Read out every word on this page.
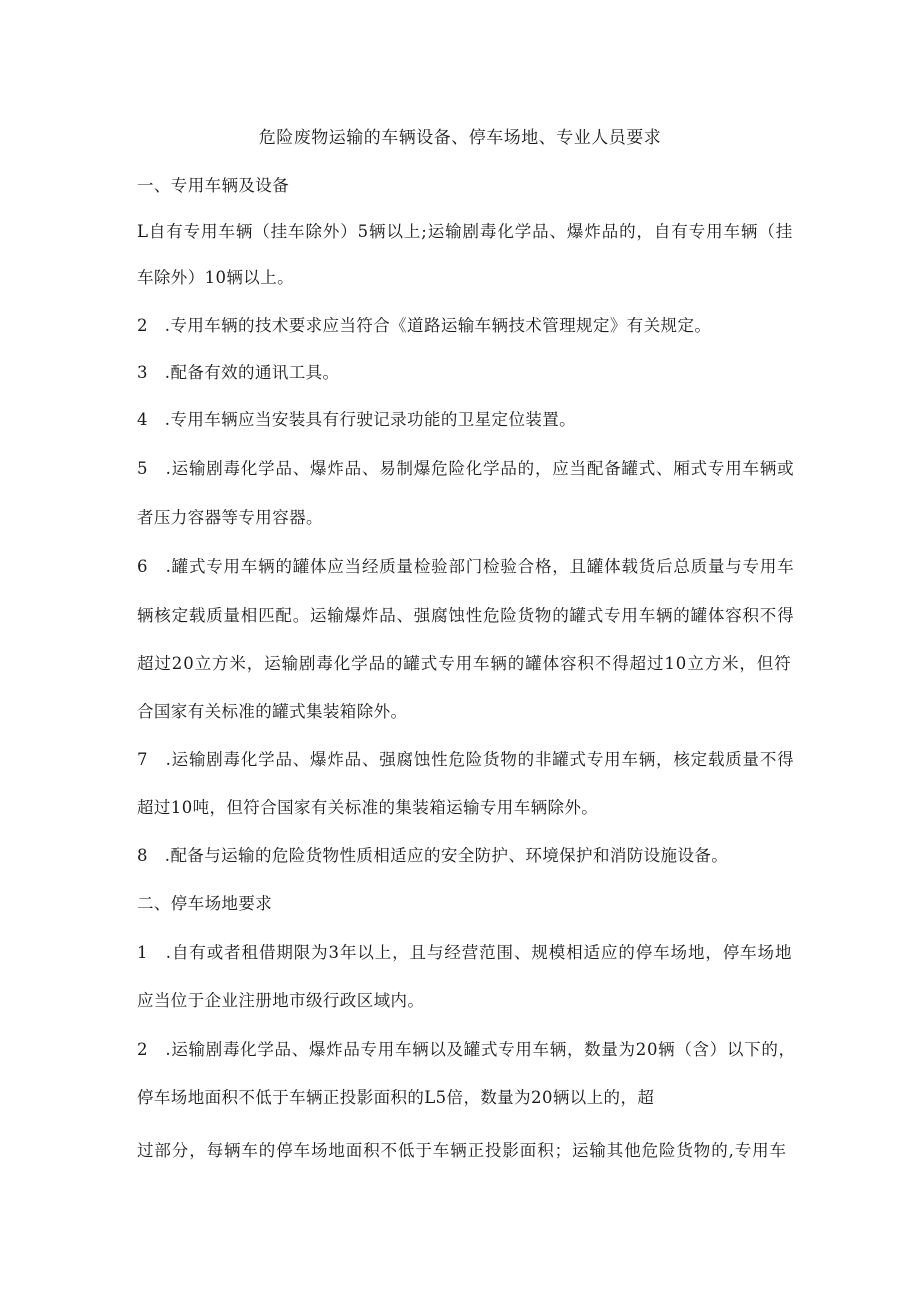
危险废物运输的车辆设备、停车场地、专业人员要求
一、专用车辆及设备
L自有专用车辆（挂车除外）5辆以上;运输剧毒化学品、爆炸品的，自有专用车辆（挂
车除外）10辆以上。
2　.专用车辆的技术要求应当符合《道路运输车辆技术管理规定》有关规定。
3　.配备有效的通讯工具。
4　.专用车辆应当安装具有行驶记录功能的卫星定位装置。
5　.运输剧毒化学品、爆炸品、易制爆危险化学品的，应当配备罐式、厢式专用车辆或
者压力容器等专用容器。
6　.罐式专用车辆的罐体应当经质量检验部门检验合格，且罐体载货后总质量与专用车
辆核定载质量相匹配。运输爆炸品、强腐蚀性危险货物的罐式专用车辆的罐体容积不得
超过20立方米，运输剧毒化学品的罐式专用车辆的罐体容积不得超过10立方米，但符
合国家有关标准的罐式集装箱除外。
7　.运输剧毒化学品、爆炸品、强腐蚀性危险货物的非罐式专用车辆，核定载质量不得
超过10吨，但符合国家有关标准的集装箱运输专用车辆除外。
8　.配备与运输的危险货物性质相适应的安全防护、环境保护和消防设施设备。
二、停车场地要求
1　.自有或者租借期限为3年以上，且与经营范围、规模相适应的停车场地，停车场地
应当位于企业注册地市级行政区域内。
2　.运输剧毒化学品、爆炸品专用车辆以及罐式专用车辆，数量为20辆（含）以下的，
停车场地面积不低于车辆正投影面积的L5倍，数量为20辆以上的，超
过部分，每辆车的停车场地面积不低于车辆正投影面积；运输其他危险货物的,专用车
